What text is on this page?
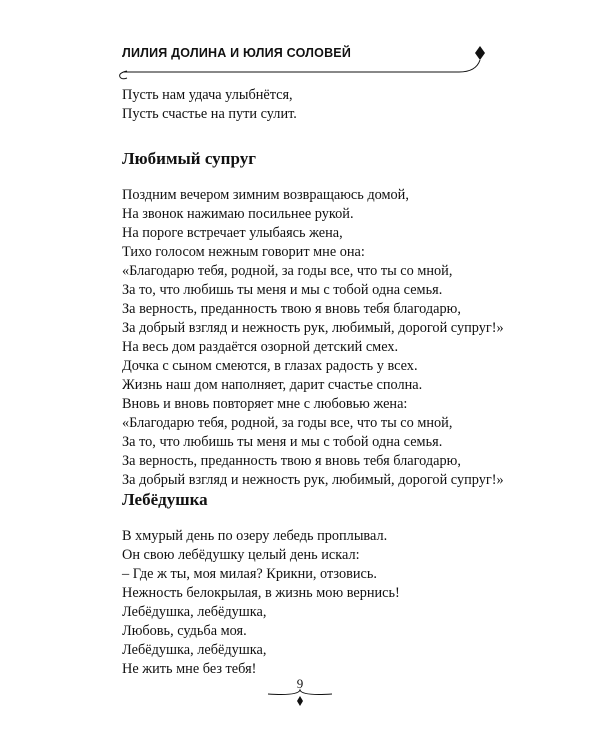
ЛИЛИЯ ДОЛИНА И ЮЛИЯ СОЛОВЕЙ
Пусть нам удача улыбнётся,
Пусть счастье на пути сулит.
Любимый супруг
Поздним вечером зимним возвращаюсь домой,
На звонок нажимаю посильнее рукой.
На пороге встречает улыбаясь жена,
Тихо голосом нежным говорит мне она:
«Благодарю тебя, родной, за годы все, что ты со мной,
За то, что любишь ты меня и мы с тобой одна семья.
За верность, преданность твою я вновь тебя благодарю,
За добрый взгляд и нежность рук, любимый, дорогой супруг!»
На весь дом раздаётся озорной детский смех.
Дочка с сыном смеются, в глазах радость у всех.
Жизнь наш дом наполняет, дарит счастье сполна.
Вновь и вновь повторяет мне с любовью жена:
«Благодарю тебя, родной, за годы все, что ты со мной,
За то, что любишь ты меня и мы с тобой одна семья.
За верность, преданность твою я вновь тебя благодарю,
За добрый взгляд и нежность рук, любимый, дорогой супруг!»
Лебёдушка
В хмурый день по озеру лебедь проплывал.
Он свою лебёдушку целый день искал:
– Где ж ты, моя милая? Крикни, отзовись.
Нежность белокрылая, в жизнь мою вернись!
Лебёдушка, лебёдушка,
Любовь, судьба моя.
Лебёдушка, лебёдушка,
Не жить мне без тебя!
9
